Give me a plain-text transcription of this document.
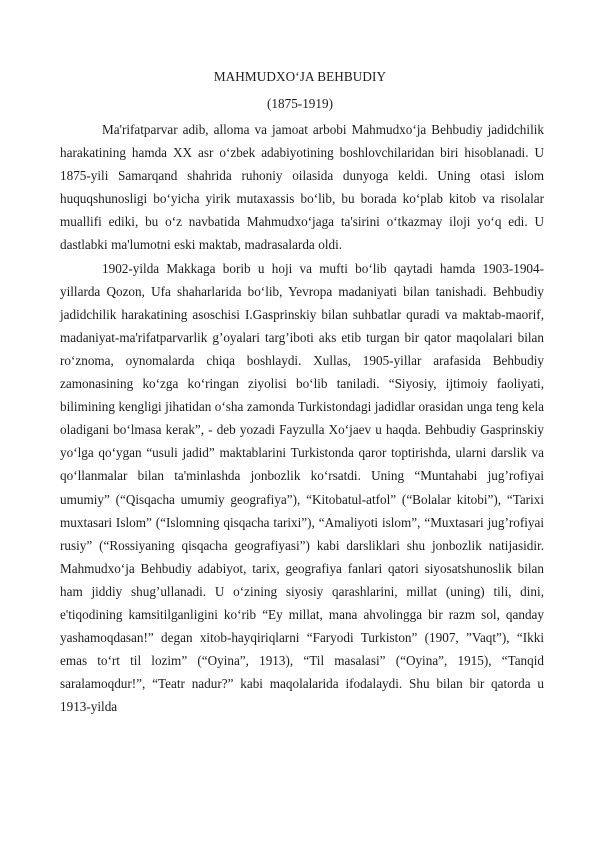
MAHMUDXO‘JA BEHBUDIY
(1875-1919)

Ma'rifatparvar adib, alloma va jamoat arbobi Mahmudxo‘ja Behbudiy jadidchilik harakatining hamda XX asr o‘zbek adabiyotining boshlovchilaridan biri hisoblanadi. U 1875-yili Samarqand shahrida ruhoniy oilasida dunyoga keldi. Uning otasi islom huquqshunosligi bo‘yicha yirik mutaxassis bo‘lib, bu borada ko‘plab kitob va risolalar muallifi ediki, bu o‘z navbatida Mahmudxo‘jaga ta'sirini o‘tkazmay iloji yo‘q edi. U dastlabki ma'lumotni eski maktab, madrasalarda oldi.

1902-yilda Makkaga borib u hoji va mufti bo‘lib qaytadi hamda 1903-1904-yillarda Qozon, Ufa shaharlarida bo‘lib, Yevropa madaniyati bilan tanishadi. Behbudiy jadidchilik harakatining asoschisi I.Gasprinskiy bilan suhbatlar quradi va maktab-maorif, madaniyat-ma'rifatparvarlik g’oyalari targ’iboti aks etib turgan bir qator maqolalari bilan ro‘znoma, oynomalarda chiqa boshlaydi. Xullas, 1905-yillar arafasida Behbudiy zamonasining ko‘zga ko‘ringan ziyolisi bo‘lib taniladi. “Siyosiy, ijtimoiy faoliyati, bilimining kengligi jihatidan o‘sha zamonda Turkistondagi jadidlar orasidan unga teng kela oladigani bo‘lmasa kerak”, - deb yozadi Fayzulla Xo‘jaev u haqda. Behbudiy Gasprinskiy yo‘lga qo‘ygan “usuli jadid” maktablarini Turkistonda qaror toptirishda, ularni darslik va qo‘llanmalar bilan ta'minlashda jonbozlik ko‘rsatdi. Uning “Muntahabi jug’rofiyai umumiy” (“Qisqacha umumiy geografiya”), “Kitobatul-atfol” (“Bolalar kitobi”), “Tarixi muxtasari Islom” (“Islomning qisqacha tarixi”), “Amaliyoti islom”, “Muxtasari jug’rofiyai rusiy” (“Rossiyaning qisqacha geografiyasi”) kabi darsliklari shu jonbozlik natijasidir. Mahmudxo‘ja Behbudiy adabiyot, tarix, geografiya fanlari qatori siyosatshunoslik bilan ham jiddiy shug’ullanadi. U o‘zining siyosiy qarashlarini, millat (uning) tili, dini, e'tiqodining kamsitilganligini ko‘rib “Ey millat, mana ahvolingga bir razm sol, qanday yashamoqdasan!” degan xitob-hayqiriqlarni “Faryodi Turkiston” (1907, ”Vaqt”), “Ikki emas to‘rt til lozim” (“Oyina”, 1913), “Til masalasi” (“Oyina”, 1915), “Tanqid saralamoqdur!”, “Teatr nadur?” kabi maqolalarida ifodalaydi. Shu bilan bir qatorda u 1913-yilda
